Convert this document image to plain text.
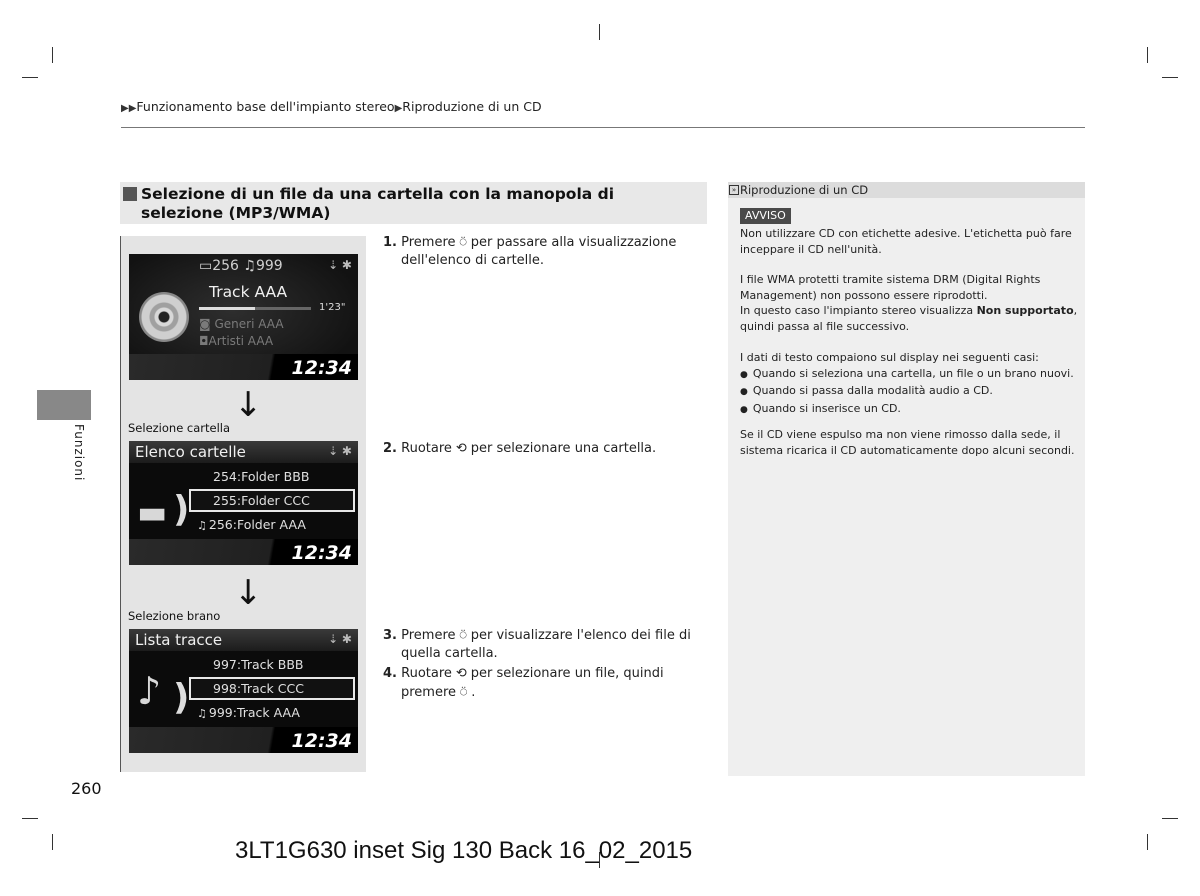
▶▶Funzionamento base dell'impianto stereo▶Riproduzione di un CD
Selezione di un file da una cartella con la manopola di selezione (MP3/WMA)
▭256 ♫999	⇣ ✱
Track AAA
1'23"
◙ Generi AAA
◘Artisti AAA
12:34
↓
Selezione cartella
Elenco cartelle	⇣ ✱
▬ )
254:Folder BBB
255:Folder CCC
♫ 256:Folder AAA
12:34
↓
Selezione brano
Lista tracce	⇣ ✱
♪ )
997:Track BBB
998:Track CCC
♫ 999:Track AAA
12:34
1. Premere ⍥ per passare alla visualizzazione
dell'elenco di cartelle.
2. Ruotare ⟲ per selezionare una cartella.
3. Premere ⍥ per visualizzare l'elenco dei file di
quella cartella.
4. Ruotare ⟲ per selezionare un file, quindi
premere ⍥ .
Funzioni
» Riproduzione di un CD
AVVISO
Non utilizzare CD con etichette adesive. L'etichetta può fare inceppare il CD nell'unità.
I file WMA protetti tramite sistema DRM (Digital Rights Management) non possono essere riprodotti.
In questo caso l'impianto stereo visualizza Non supportato, quindi passa al file successivo.
I dati di testo compaiono sul display nei seguenti casi:
● Quando si seleziona una cartella, un file o un brano nuovi.
● Quando si passa dalla modalità audio a CD.
● Quando si inserisce un CD.
Se il CD viene espulso ma non viene rimosso dalla sede, il sistema ricarica il CD automaticamente dopo alcuni secondi.
260
3LT1G630 inset Sig 130 Back 16_02_2015
